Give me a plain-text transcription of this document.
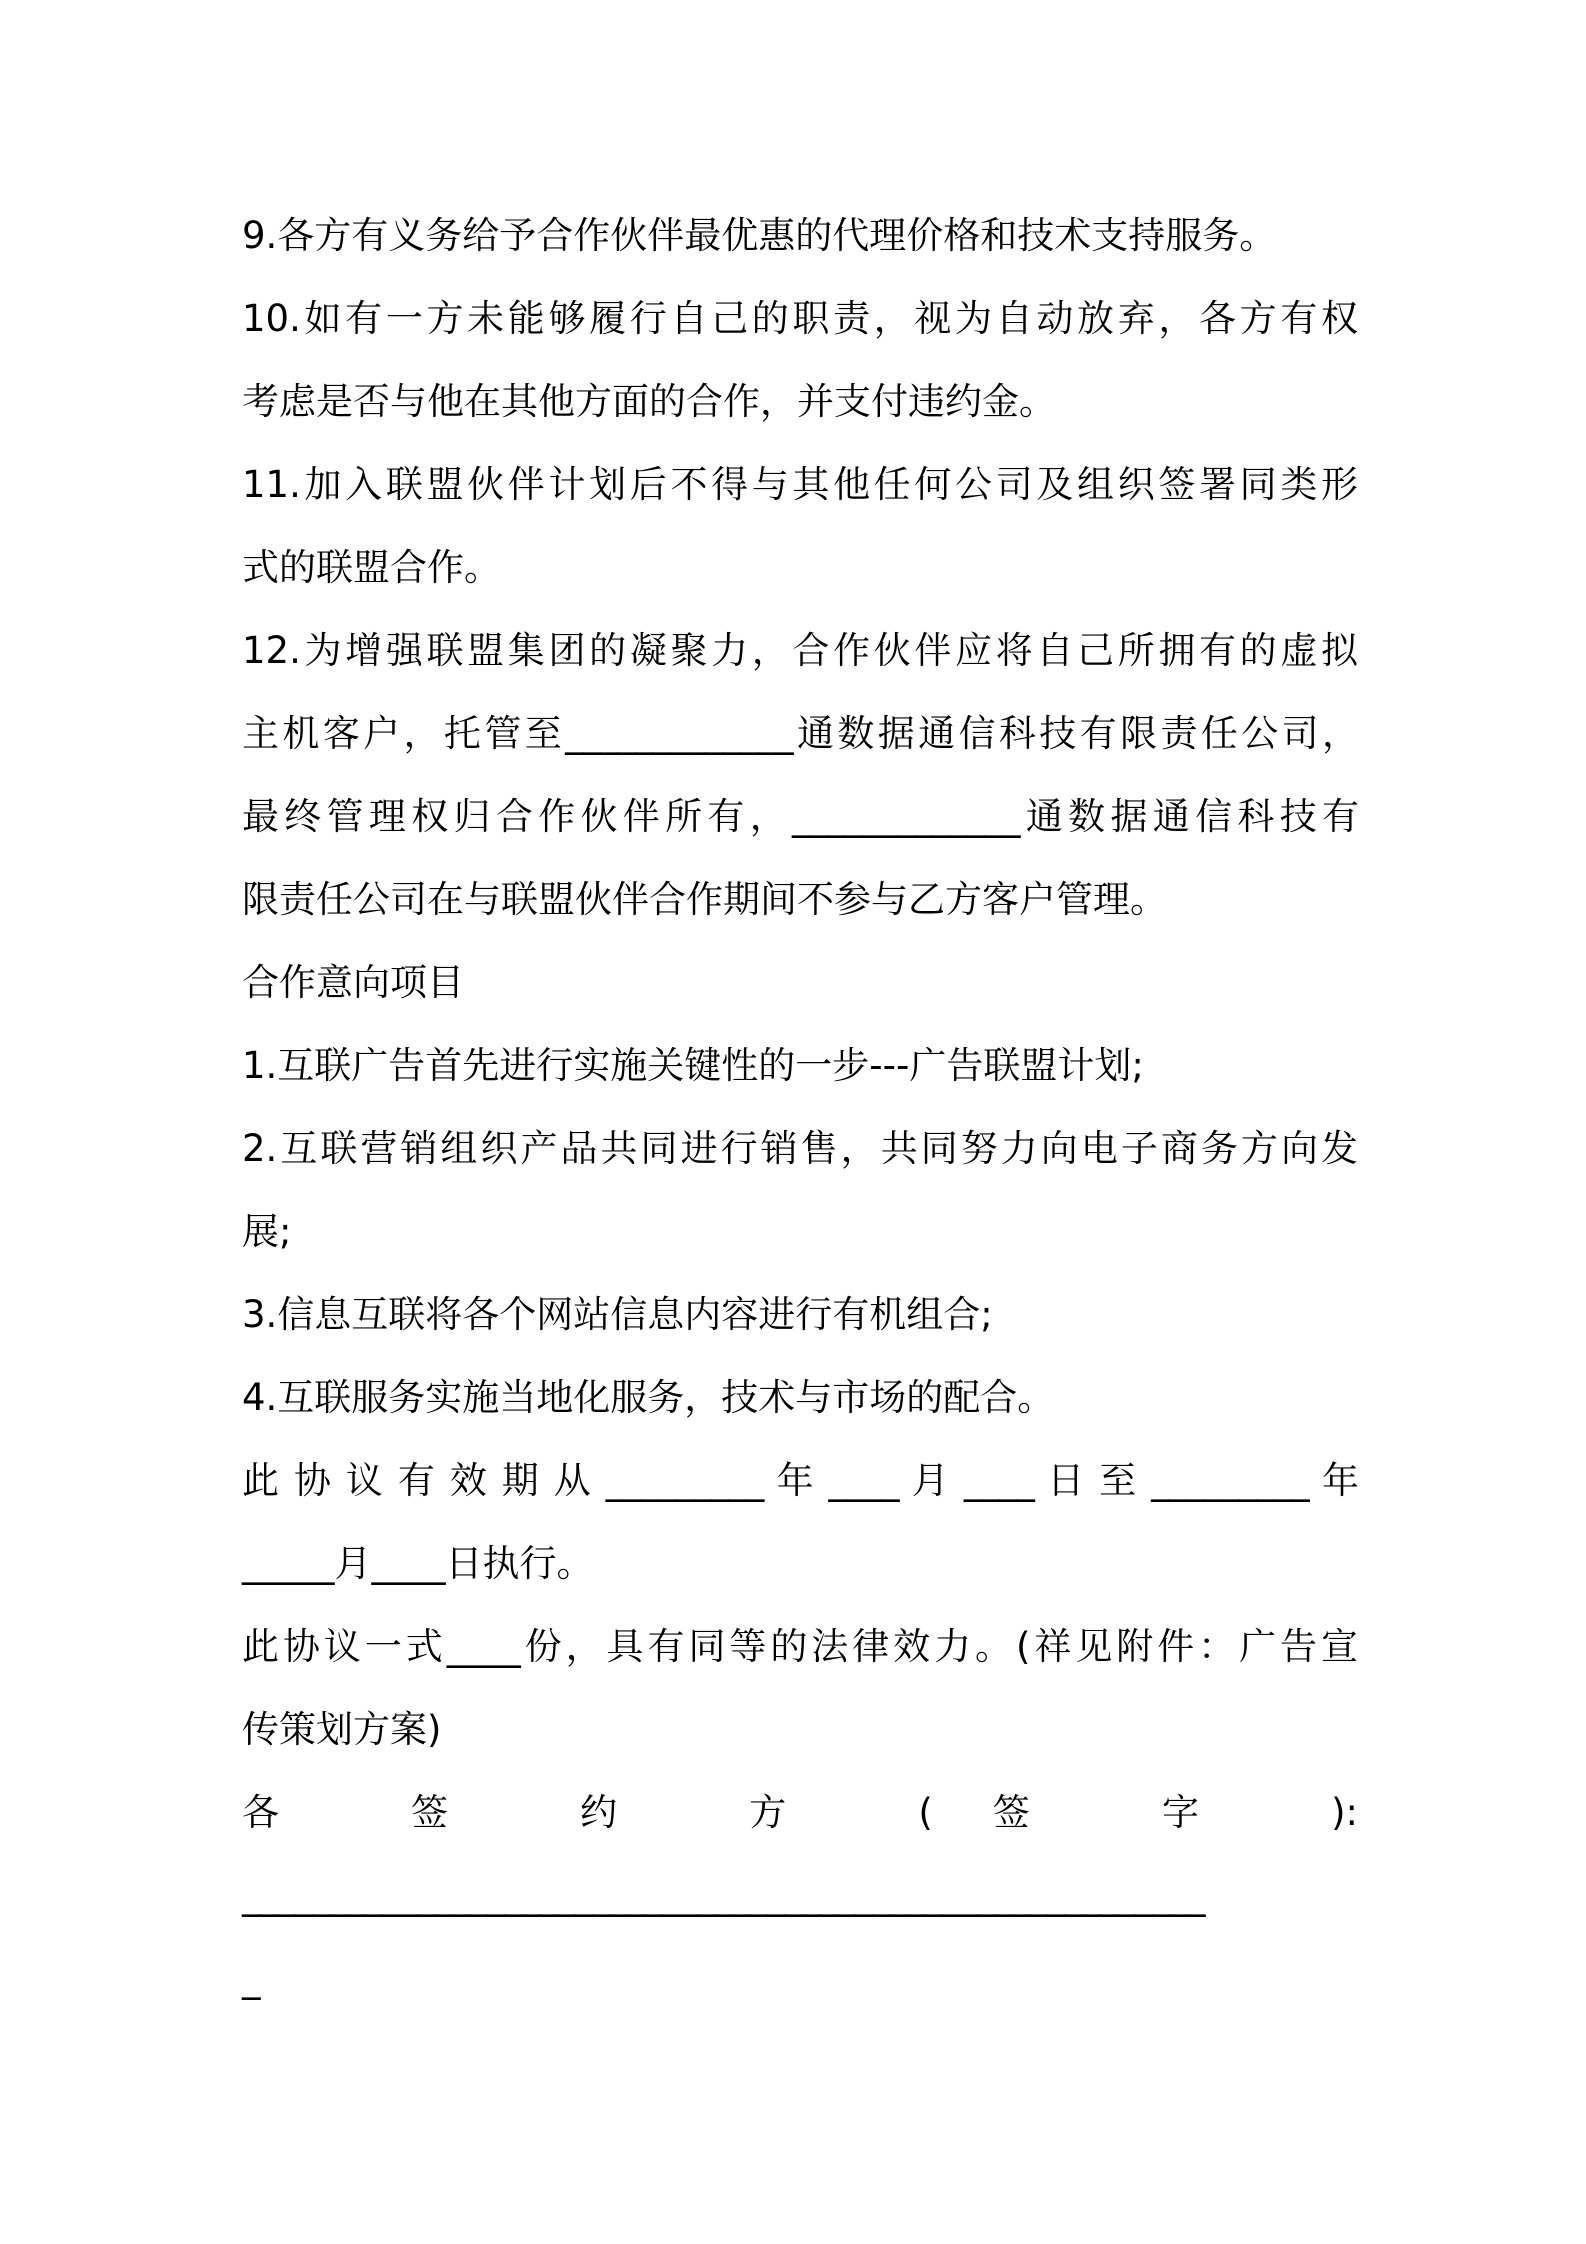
9.各方有义务给予合作伙伴最优惠的代理价格和技术支持服务。
10.如有一方未能够履行自己的职责，视为自动放弃，各方有权
考虑是否与他在其他方面的合作，并支付违约金。
11.加入联盟伙伴计划后不得与其他任何公司及组织签署同类形
式的联盟合作。
12.为增强联盟集团的凝聚力，合作伙伴应将自己所拥有的虚拟
主机客户，托管至_____________通数据通信科技有限责任公司，
最终管理权归合作伙伴所有，_____________通数据通信科技有
限责任公司在与联盟伙伴合作期间不参与乙方客户管理。
合作意向项目
1.互联广告首先进行实施关键性的一步---广告联盟计划;
2.互联营销组织产品共同进行销售，共同努力向电子商务方向发
展;
3.信息互联将各个网站信息内容进行有机组合;
4.互联服务实施当地化服务，技术与市场的配合。
此 协 议 有 效 期 从 _________ 年 ____ 月 ____ 日 至 _________ 年
_____月____日执行。
此协议一式____份，具有同等的法律效力。(祥见附件：广告宣
传策划方案)
各 签 约 方 (签 字 ):
_______________________________________________________
_
